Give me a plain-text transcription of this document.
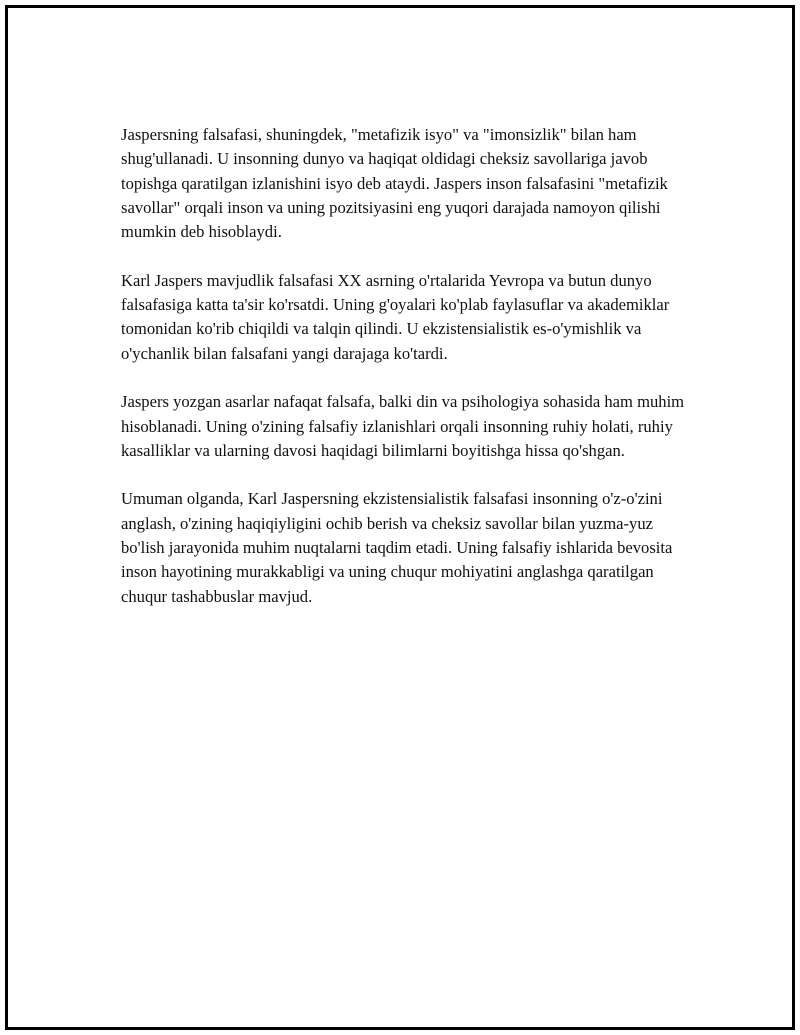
Jaspersning falsafasi, shuningdek, "metafizik isyo" va "imonsizlik" bilan ham shug'ullanadi. U insonning dunyo va haqiqat oldidagi cheksiz savollariga javob topishga qaratilgan izlanishini isyo deb ataydi. Jaspers inson falsafasini "metafizik savollar" orqali inson va uning pozitsiyasini eng yuqori darajada namoyon qilishi mumkin deb hisoblaydi.

Karl Jaspers mavjudlik falsafasi XX asrning o'rtalarida Yevropa va butun dunyo falsafasiga katta ta'sir ko'rsatdi. Uning g'oyalari ko'plab faylasuflar va akademiklar tomonidan ko'rib chiqildi va talqin qilindi. U ekzistensialistik es-o'ymishlik va o'ychanlik bilan falsafani yangi darajaga ko'tardi.

Jaspers yozgan asarlar nafaqat falsafa, balki din va psihologiya sohasida ham muhim hisoblanadi. Uning o'zining falsafiy izlanishlari orqali insonning ruhiy holati, ruhiy kasalliklar va ularning davosi haqidagi bilimlarni boyitishga hissa qo'shgan.

Umuman olganda, Karl Jaspersning ekzistensialistik falsafasi insonning o'z-o'zini anglash, o'zining haqiqiyligini ochib berish va cheksiz savollar bilan yuzma-yuz bo'lish jarayonida muhim nuqtalarni taqdim etadi. Uning falsafiy ishlarida bevosita inson hayotining murakkabligi va uning chuqur mohiyatini anglashga qaratilgan chuqur tashabbuslar mavjud.
